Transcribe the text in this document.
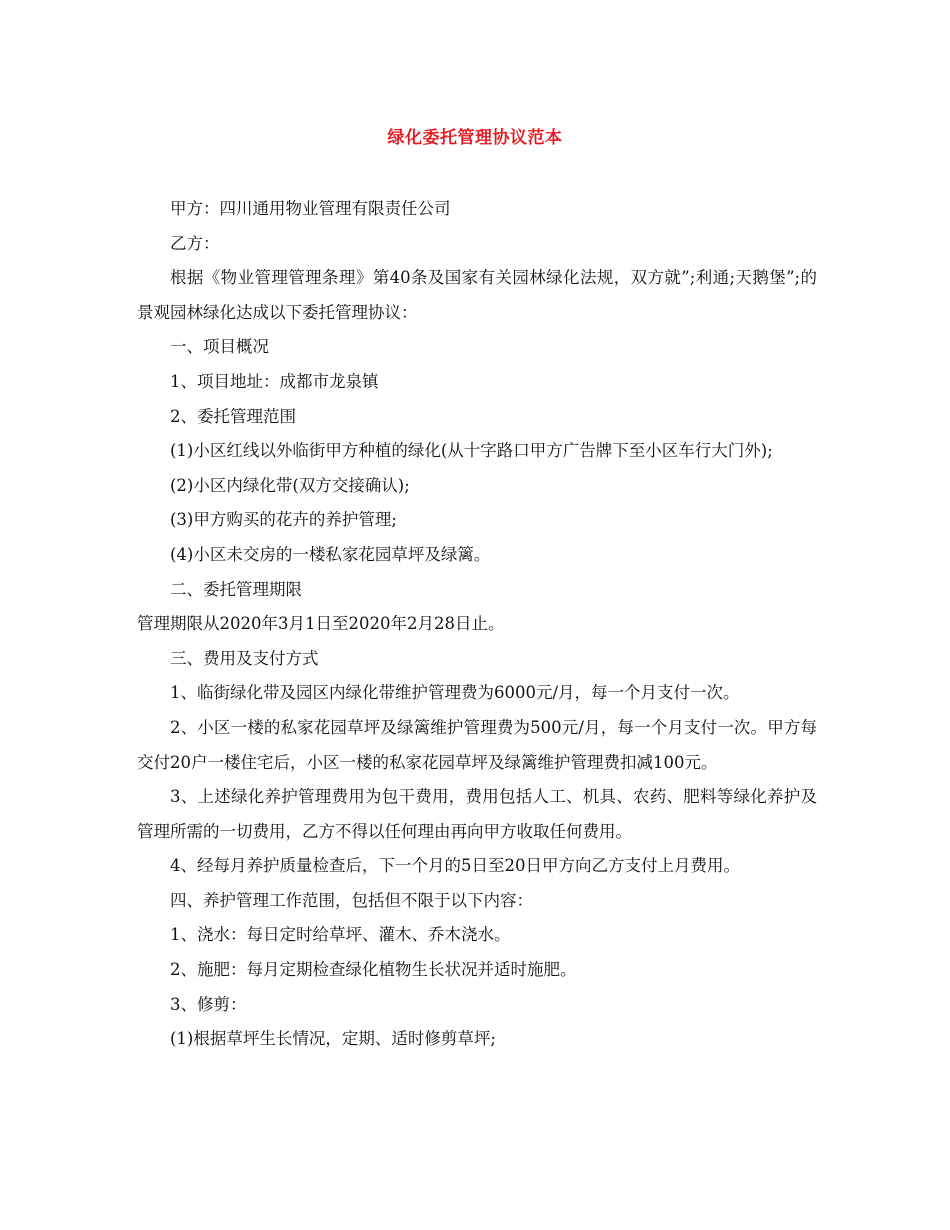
绿化委托管理协议范本

甲方：四川通用物业管理有限责任公司

乙方：

根据《物业管理管理条理》第40条及国家有关园林绿化法规，双方就”;利通;天鹅堡”;的景观园林绿化达成以下委托管理协议：

一、项目概况

1、项目地址：成都市龙泉镇

2、委托管理范围

(1)小区红线以外临街甲方种植的绿化(从十字路口甲方广告牌下至小区车行大门外);

(2)小区内绿化带(双方交接确认);

(3)甲方购买的花卉的养护管理;

(4)小区未交房的一楼私家花园草坪及绿篱。

二、委托管理期限

管理期限从2020年3月1日至2020年2月28日止。

三、费用及支付方式

1、临街绿化带及园区内绿化带维护管理费为6000元/月，每一个月支付一次。

2、小区一楼的私家花园草坪及绿篱维护管理费为500元/月，每一个月支付一次。甲方每交付20户一楼住宅后，小区一楼的私家花园草坪及绿篱维护管理费扣减100元。

3、上述绿化养护管理费用为包干费用，费用包括人工、机具、农药、肥料等绿化养护及管理所需的一切费用，乙方不得以任何理由再向甲方收取任何费用。

4、经每月养护质量检查后，下一个月的5日至20日甲方向乙方支付上月费用。

四、养护管理工作范围，包括但不限于以下内容：

1、浇水：每日定时给草坪、灌木、乔木浇水。

2、施肥：每月定期检查绿化植物生长状况并适时施肥。

3、修剪：

(1)根据草坪生长情况，定期、适时修剪草坪;
